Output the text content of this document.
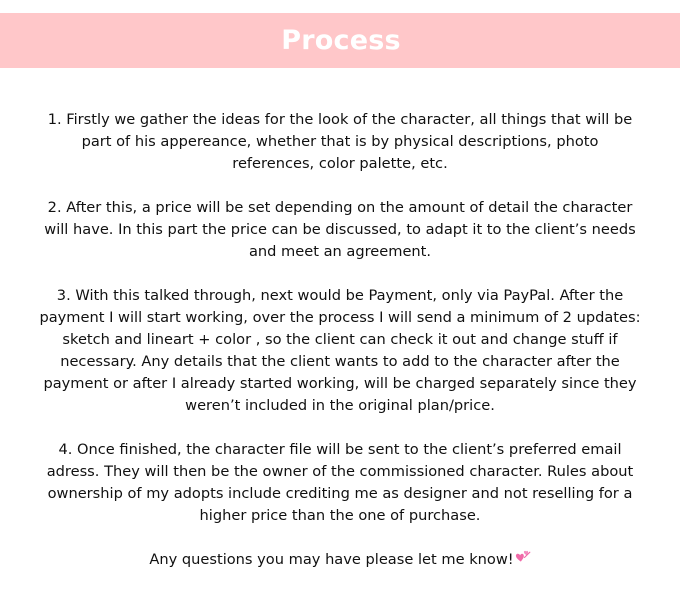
Process

1. Firstly we gather the ideas for the look of the character, all things that will be
part of his appereance, whether that is by physical descriptions, photo
references, color palette, etc.

2. After this, a price will be set depending on the amount of detail the character
will have. In this part the price can be discussed, to adapt it to the client’s needs
and meet an agreement.

3. With this talked through, next would be Payment, only via PayPal. After the
payment I will start working, over the process I will send a minimum of 2 updates:
sketch and lineart + color , so the client can check it out and change stuff if
necessary. Any details that the client wants to add to the character after the
payment or after I already started working, will be charged separately since they
weren’t included in the original plan/price.

4. Once finished, the character file will be sent to the client’s preferred email
adress. They will then be the owner of the commissioned character. Rules about
ownership of my adopts include crediting me as designer and not reselling for a
higher price than the one of purchase.

Any questions you may have please let me know!
